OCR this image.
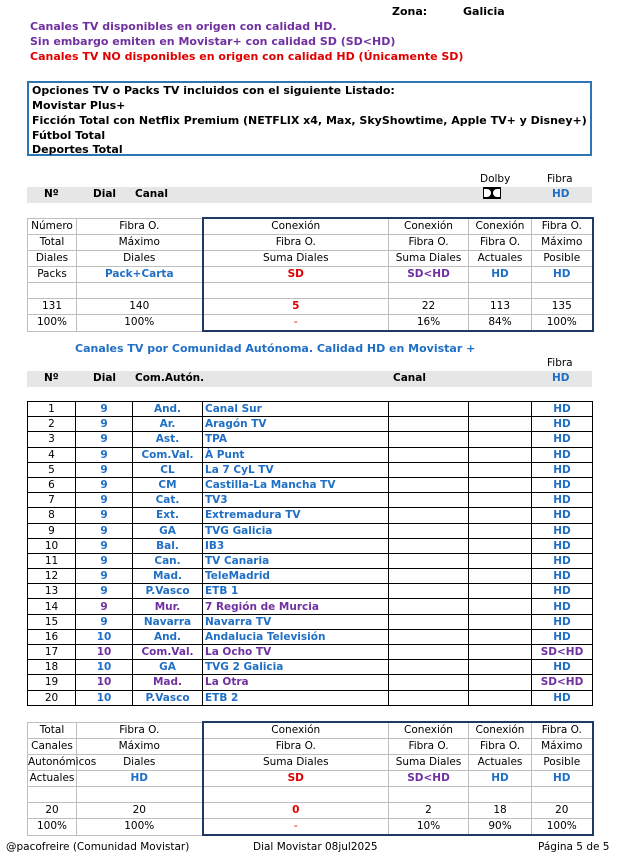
Zona:	Galicia
Canales TV disponibles en origen con calidad HD.
Sin embargo emiten en Movistar+ con calidad SD (SD<HD)
Canales TV NO disponibles en origen con calidad HD (Únicamente SD)
Opciones TV o Packs TV incluidos con el siguiente Listado:
Movistar Plus+
Ficción Total con Netflix Premium (NETFLIX x4, Max, SkyShowtime, Apple TV+ y Disney+)
Fútbol Total
Deportes Total
Dolby	Fibra
Nº	Dial Canal	HD
Número	Fibra O.	Conexión	Conexión	Conexión	Fibra O.
Total	Máximo	Fibra O.	Fibra O.	Fibra O.	Máximo
Diales	Diales	Suma Diales	Suma Diales	Actuales	Posible
Packs	Pack+Carta	SD	SD<HD	HD	HD

131	140	5	22	113	135
100%	100%	-	16%	84%	100%
Canales TV por Comunidad Autónoma. Calidad HD en Movistar +
Fibra
Nº	Dial Com.Autón.	Canal	HD
1	9	And.	Canal Sur			HD
2	9	Ar.	Aragón TV			HD
3	9	Ast.	TPA			HD
4	9	Com.Val.	À Punt			HD
5	9	CL	La 7 CyL TV			HD
6	9	CM	Castilla-La Mancha TV			HD
7	9	Cat.	TV3			HD
8	9	Ext.	Extremadura TV			HD
9	9	GA	TVG Galicia			HD
10	9	Bal.	IB3			HD
11	9	Can.	TV Canaria			HD
12	9	Mad.	TeleMadrid			HD
13	9	P.Vasco	ETB 1			HD
14	9	Mur.	7 Región de Murcia			HD
15	9	Navarra	Navarra TV			HD
16	10	And.	Andalucia Televisión			HD
17	10	Com.Val.	La Ocho TV			SD<HD
18	10	GA	TVG 2 Galicia			HD
19	10	Mad.	La Otra			SD<HD
20	10	P.Vasco	ETB 2			HD
Total	Fibra O.	Conexión	Conexión	Conexión	Fibra O.
Canales	Máximo	Fibra O.	Fibra O.	Fibra O.	Máximo
Autonómicos	Diales	Suma Diales	Suma Diales	Actuales	Posible
Actuales	HD	SD	SD<HD	HD	HD

20	20	0	2	18	20
100%	100%	-	10%	90%	100%
@pacofreire (Comunidad Movistar)	Dial Movistar 08jul2025	Página 5 de 5
